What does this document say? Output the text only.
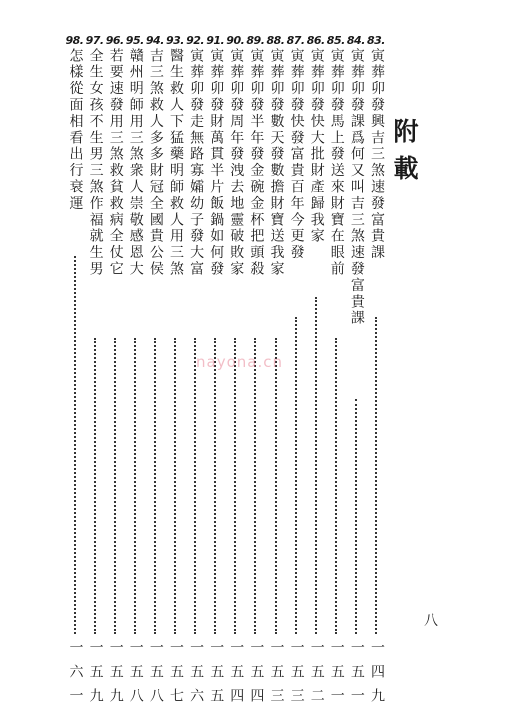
附載
83.
寅葬卯發興吉三煞速發富貴課
一四九
84.
寅葬卯發課爲何又叫吉三煞速發富貴課
一五一
85.
寅葬卯發馬上發送來財寶在眼前
一五一
86.
寅葬卯發快大批財產歸我家
一五二
87.
寅葬卯發快發富貴百年今更發
一五三
88.
寅葬卯發數天發數擔財寶送我家
一五三
89.
寅葬卯發半年發金碗金杯把頭殺
一五四
90.
寅葬卯發周年發洩去地靈破敗家
一五四
91.
寅葬卯發財萬貫半片飯鍋如何發
一五五
92.
寅葬卯發走無路寡孀幼子發大富
一五六
93.
醫生救人下猛藥明師救人用三煞
一五七
94.
吉三煞救人多多財冠全國貴公侯
一五八
95.
贛州明師用三煞衆人崇敬感恩大
一五八
96.
若要速發用三煞救貧救病全仗它
一五九
97.
全生女孩不生男三煞作福就生男
一五九
98.
怎樣從面相看出行衰運
一六一
八
nayona.cn
